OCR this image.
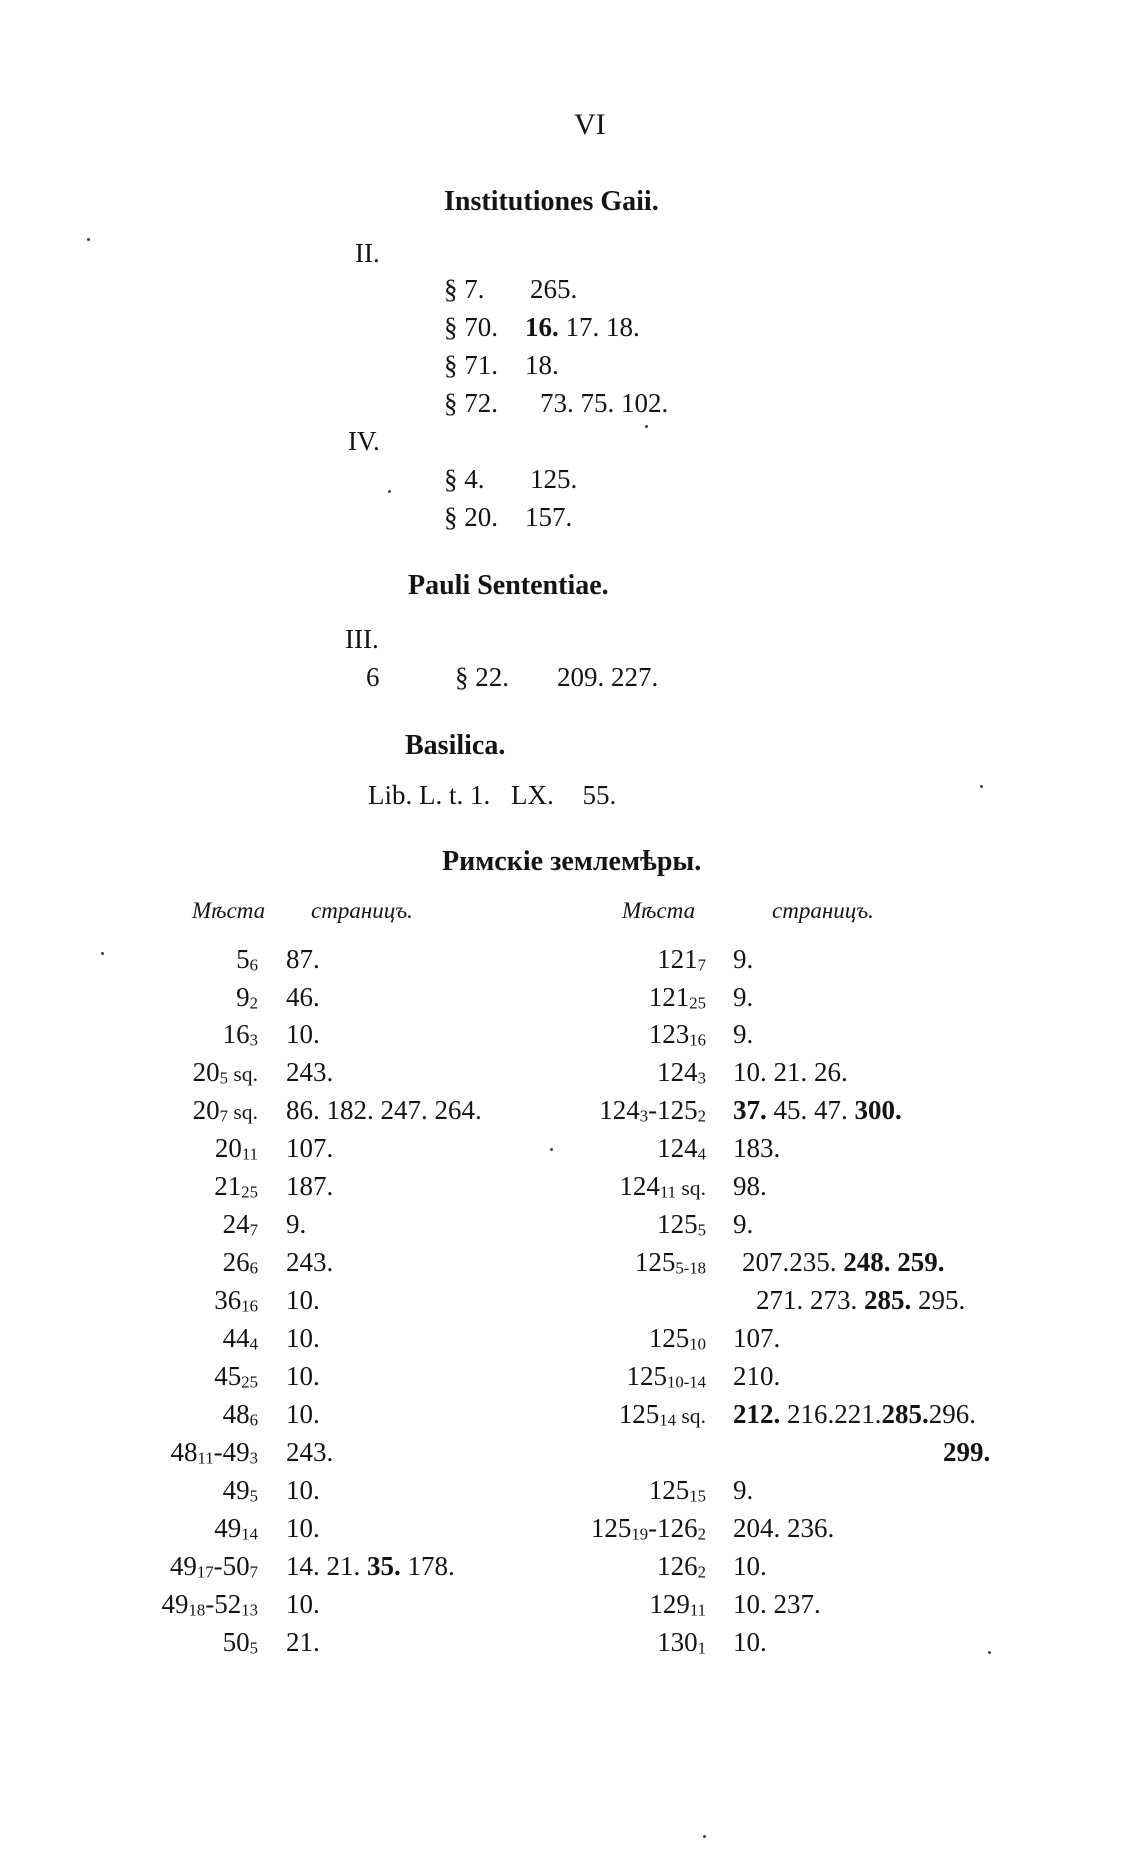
VI
Institutiones Gaii.
II.
§ 7. 265.
§ 70. 16. 17. 18.
§ 71. 18.
§ 72. 73. 75. 102.
IV.
§ 4. 125.
§ 20. 157.
Pauli Sententiae.
III.
6	§ 22. 209. 227.
Basilica.
Lib. L. t. 1. LX. 55.
Римскіе землемѣры.
Мѣста страницъ.	Мѣста	страницъ.
$5_6$ 87.
$9_2$ 46.
$16_3$ 10.
$20_5$ sq. 243.
$20_7$ sq. 86. 182. 247. 264.
$20_{11}$ 107.
$21_{25}$ 187.
$24_7$ 9.
$26_6$ 243.
$36_{16}$ 10.
$44_4$ 10.
$45_{25}$ 10.
$48_6$ 10.
$48_{11}-49_3$ 243.
$49_5$ 10.
$49_{14}$ 10.
$49_{17}-50_7$ 14. 21. 35. 178.
$49_{18}-52_{13}$ 10.
$50_5$ 21.
$121_7$ 9.
$121_{25}$ 9.
$123_{16}$ 9.
$124_3$ 10. 21. 26.
$124_3-125_2$ 37. 45. 47. 300.
$124_4$ 183.
$124_{11}$ sq. 98.
$125_5$ 9.
$125_{5-18}$ 207.235. 248. 259.
271. 273. 285. 295.
$125_{10}$ 107.
$125_{10-14}$ 210.
$125_{14}$ sq. 212. 216.221.285.296.
299.
$125_{15}$ 9.
$125_{19}-126_2$ 204. 236.
$126_2$ 10.
$129_{11}$ 10. 237.
$130_1$ 10.
